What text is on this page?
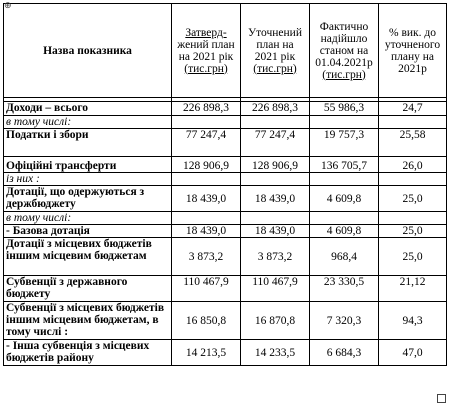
⊕
Назва показника	Затверд-
жений план
на 2021 рік
(тис.грн)	Уточнений
план на
2021 рік
(тис.грн)	Фактично
надійшло
станом на
01.04.2021р
(тис.грн)	% вик. до
уточненого
плану на
2021р

Доходи – всього	226 898,3	226 898,3	55 986,3	24,7
в тому числі:				
Податки і збори	77 247,4	77 247,4	19 757,3	25,58
Офіційні трансферти	128 906,9	128 906,9	136 705,7	26,0
із них :				
Дотації, що одержуються з держбюджету	18 439,0	18 439,0	4 609,8	25,0
в тому числі:				
- Базова дотація	18 439,0	18 439,0	4 609,8	25,0
Дотації з місцевих бюджетів іншим місцевим бюджетам	3 873,2	3 873,2	968,4	25,0
Субвенції з державного бюджету	110 467,9	110 467,9	23 330,5	21,12
Субвенції з місцевих бюджетів іншим місцевим бюджетам, в тому числі :	16 850,8	16 870,8	7 320,3	94,3
- Інша субвенція з місцевих бюджетів району	14 213,5	14 233,5	6 684,3	47,0
